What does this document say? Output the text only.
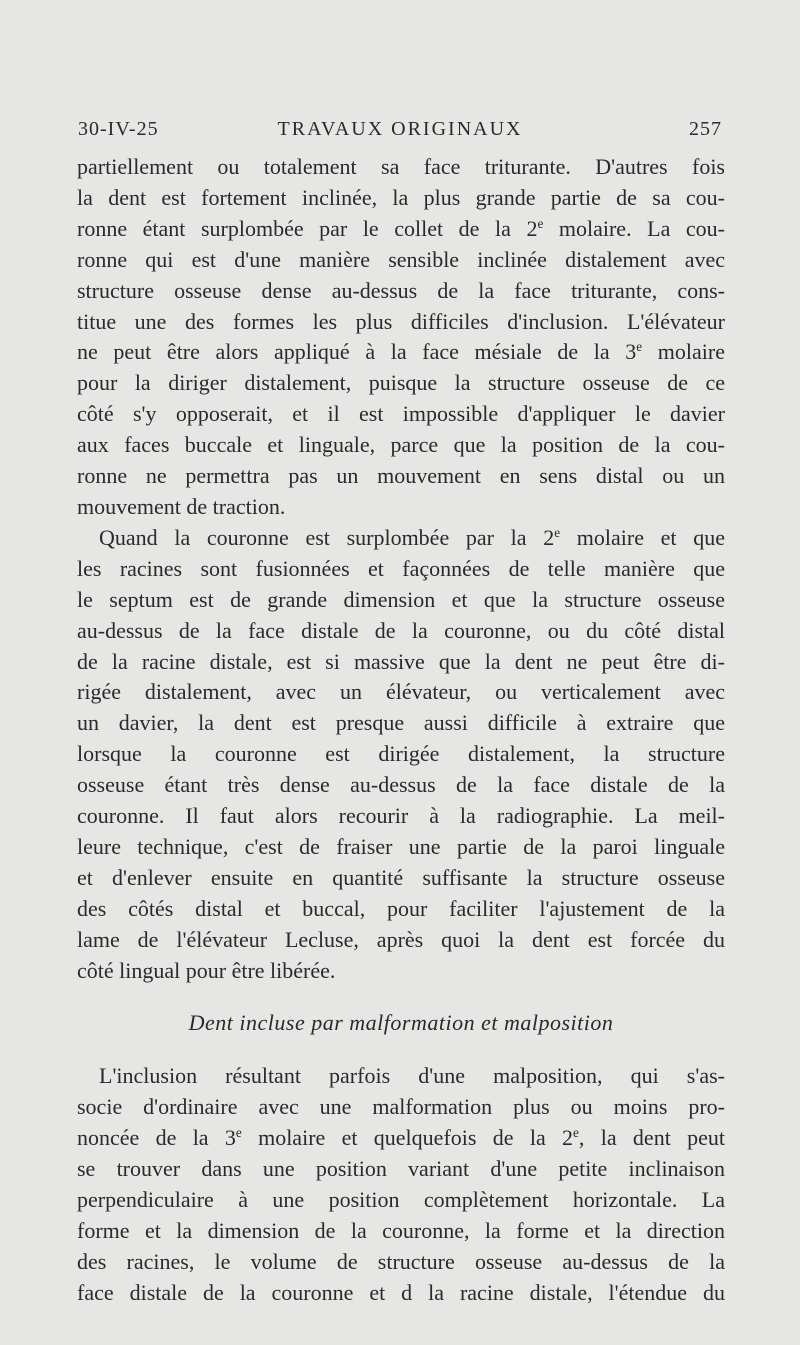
30-IV-25	TRAVAUX ORIGINAUX	257
partiellement ou totalement sa face triturante. D'autres fois
la dent est fortement inclinée, la plus grande partie de sa cou-
ronne étant surplombée par le collet de la 2e molaire. La cou-
ronne qui est d'une manière sensible inclinée distalement avec
structure osseuse dense au-dessus de la face triturante, cons-
titue une des formes les plus difficiles d'inclusion. L'élévateur
ne peut être alors appliqué à la face mésiale de la 3e molaire
pour la diriger distalement, puisque la structure osseuse de ce
côté s'y opposerait, et il est impossible d'appliquer le davier
aux faces buccale et linguale, parce que la position de la cou-
ronne ne permettra pas un mouvement en sens distal ou un
mouvement de traction.
Quand la couronne est surplombée par la 2e molaire et que
les racines sont fusionnées et façonnées de telle manière que
le septum est de grande dimension et que la structure osseuse
au-dessus de la face distale de la couronne, ou du côté distal
de la racine distale, est si massive que la dent ne peut être di-
rigée distalement, avec un élévateur, ou verticalement avec
un davier, la dent est presque aussi difficile à extraire que
lorsque la couronne est dirigée distalement, la structure
osseuse étant très dense au-dessus de la face distale de la
couronne. Il faut alors recourir à la radiographie. La meil-
leure technique, c'est de fraiser une partie de la paroi linguale
et d'enlever ensuite en quantité suffisante la structure osseuse
des côtés distal et buccal, pour faciliter l'ajustement de la
lame de l'élévateur Lecluse, après quoi la dent est forcée du
côté lingual pour être libérée.
Dent incluse par malformation et malposition
L'inclusion résultant parfois d'une malposition, qui s'as-
socie d'ordinaire avec une malformation plus ou moins pro-
noncée de la 3e molaire et quelquefois de la 2e, la dent peut
se trouver dans une position variant d'une petite inclinaison
perpendiculaire à une position complètement horizontale. La
forme et la dimension de la couronne, la forme et la direction
des racines, le volume de structure osseuse au-dessus de la
face distale de la couronne et d la racine distale, l'étendue du
